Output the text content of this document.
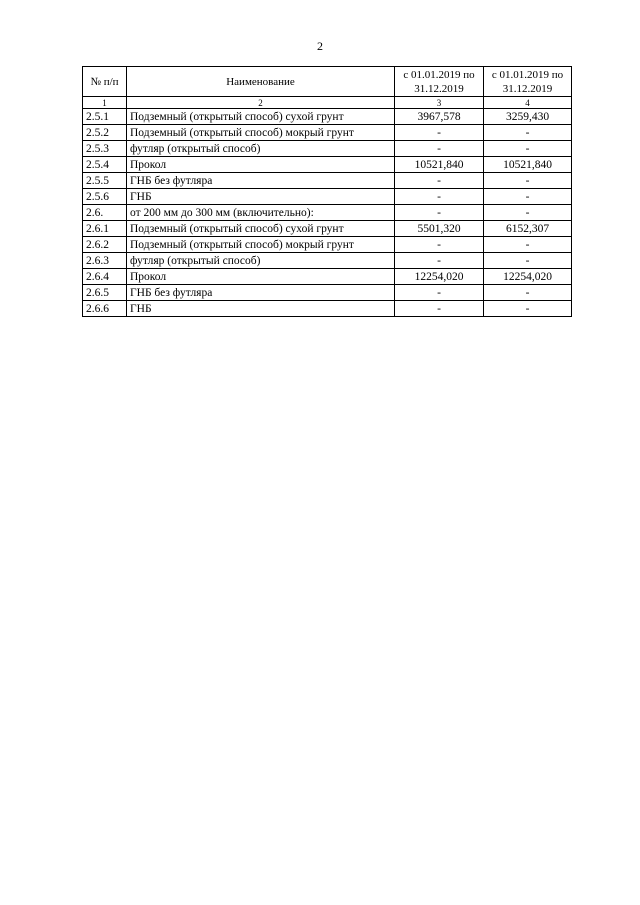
2
№ п/п	Наименование	с 01.01.2019 по 31.12.2019	с 01.01.2019 по 31.12.2019
1	2	3	4
2.5.1	Подземный (открытый способ) сухой грунт	3967,578	3259,430
2.5.2	Подземный (открытый способ) мокрый грунт	-	-
2.5.3	футляр (открытый способ)	-	-
2.5.4	Прокол	10521,840	10521,840
2.5.5	ГНБ без футляра	-	-
2.5.6	ГНБ	-	-
2.6.	от 200 мм до 300 мм (включительно):	-	-
2.6.1	Подземный (открытый способ) сухой грунт	5501,320	6152,307
2.6.2	Подземный (открытый способ) мокрый грунт	-	-
2.6.3	футляр (открытый способ)	-	-
2.6.4	Прокол	12254,020	12254,020
2.6.5	ГНБ без футляра	-	-
2.6.6	ГНБ	-	-
